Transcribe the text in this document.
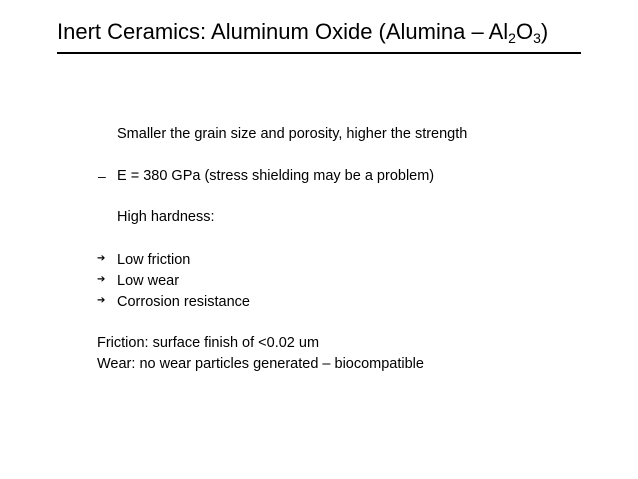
Inert Ceramics: Aluminum Oxide $(Alumina - Al_2O_3)$
Smaller the grain size and porosity, higher the strength
– E = 380 GPa (stress shielding may be a problem)
High hardness:
➔ Low friction
➔ Low wear
➔ Corrosion resistance
Friction: surface finish of <0.02 um
Wear: no wear particles generated – biocompatible
